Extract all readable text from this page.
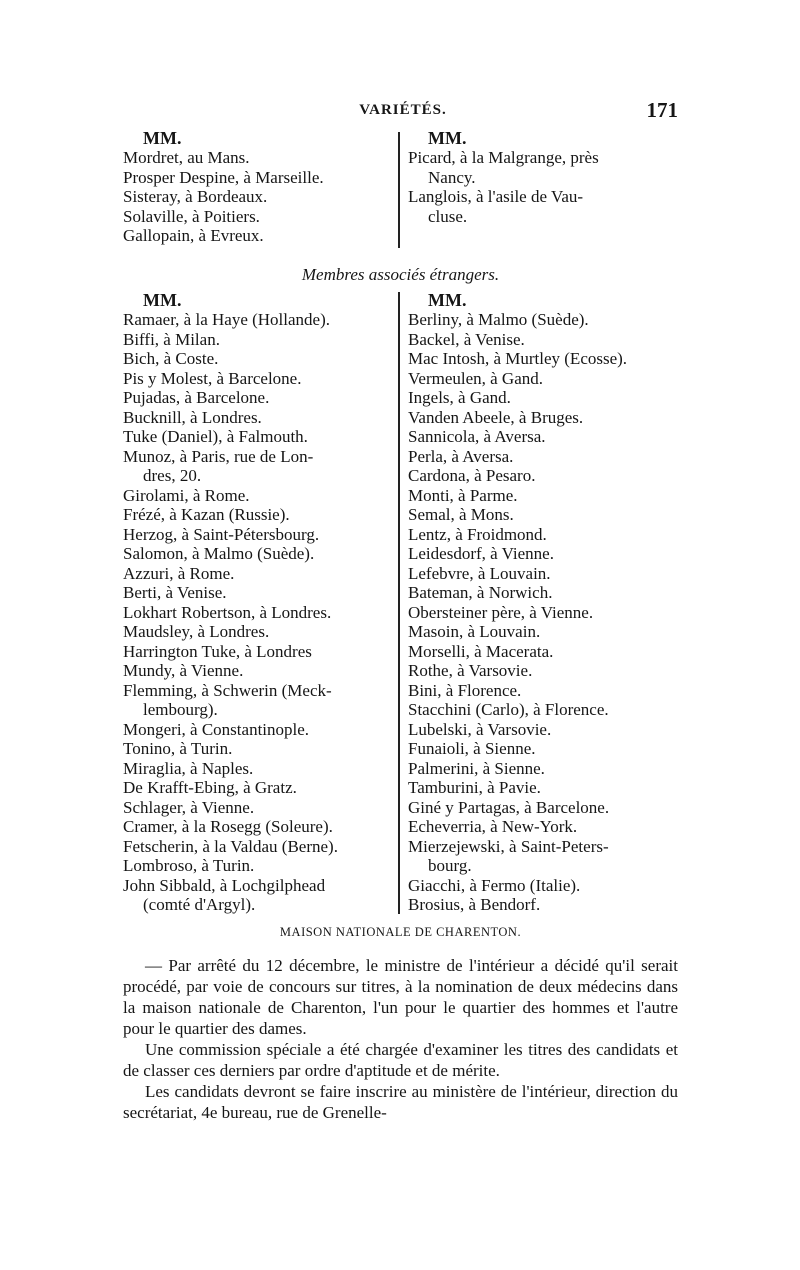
VARIÉTÉS.	171
MM.
Mordret, au Mans.
Prosper Despine, à Marseille.
Sisteray, à Bordeaux.
Solaville, à Poitiers.
Gallopain, à Evreux.
MM.
Picard, à la Malgrange, près
Nancy.
Langlois, à l'asile de Vau-
cluse.
Membres associés étrangers.
MM.
Ramaer, à la Haye (Hollande).
Biffi, à Milan.
Bich, à Coste.
Pis y Molest, à Barcelone.
Pujadas, à Barcelone.
Bucknill, à Londres.
Tuke (Daniel), à Falmouth.
Munoz, à Paris, rue de Lon-
dres, 20.
Girolami, à Rome.
Frézé, à Kazan (Russie).
Herzog, à Saint-Pétersbourg.
Salomon, à Malmo (Suède).
Azzuri, à Rome.
Berti, à Venise.
Lokhart Robertson, à Londres.
Maudsley, à Londres.
Harrington Tuke, à Londres
Mundy, à Vienne.
Flemming, à Schwerin (Meck-
lembourg).
Mongeri, à Constantinople.
Tonino, à Turin.
Miraglia, à Naples.
De Krafft-Ebing, à Gratz.
Schlager, à Vienne.
Cramer, à la Rosegg (Soleure).
Fetscherin, à la Valdau (Berne).
Lombroso, à Turin.
John Sibbald, à Lochgilphead
(comté d'Argyl).
MM.
Berliny, à Malmo (Suède).
Backel, à Venise.
Mac Intosh, à Murtley (Ecosse).
Vermeulen, à Gand.
Ingels, à Gand.
Vanden Abeele, à Bruges.
Sannicola, à Aversa.
Perla, à Aversa.
Cardona, à Pesaro.
Monti, à Parme.
Semal, à Mons.
Lentz, à Froidmond.
Leidesdorf, à Vienne.
Lefebvre, à Louvain.
Bateman, à Norwich.
Obersteiner père, à Vienne.
Masoin, à Louvain.
Morselli, à Macerata.
Rothe, à Varsovie.
Bini, à Florence.
Stacchini (Carlo), à Florence.
Lubelski, à Varsovie.
Funaioli, à Sienne.
Palmerini, à Sienne.
Tamburini, à Pavie.
Giné y Partagas, à Barcelone.
Echeverria, à New-York.
Mierzejewski, à Saint-Peters-
bourg.
Giacchi, à Fermo (Italie).
Brosius, à Bendorf.
MAISON NATIONALE DE CHARENTON.

— Par arrêté du 12 décembre, le ministre de l'intérieur a décidé qu'il serait procédé, par voie de concours sur titres, à la nomination de deux médecins dans la maison nationale de Charenton, l'un pour le quartier des hommes et l'autre pour le quartier des dames.

Une commission spéciale a été chargée d'examiner les titres des candidats et de classer ces derniers par ordre d'aptitude et de mérite.

Les candidats devront se faire inscrire au ministère de l'intérieur, direction du secrétariat, 4e bureau, rue de Grenelle-
